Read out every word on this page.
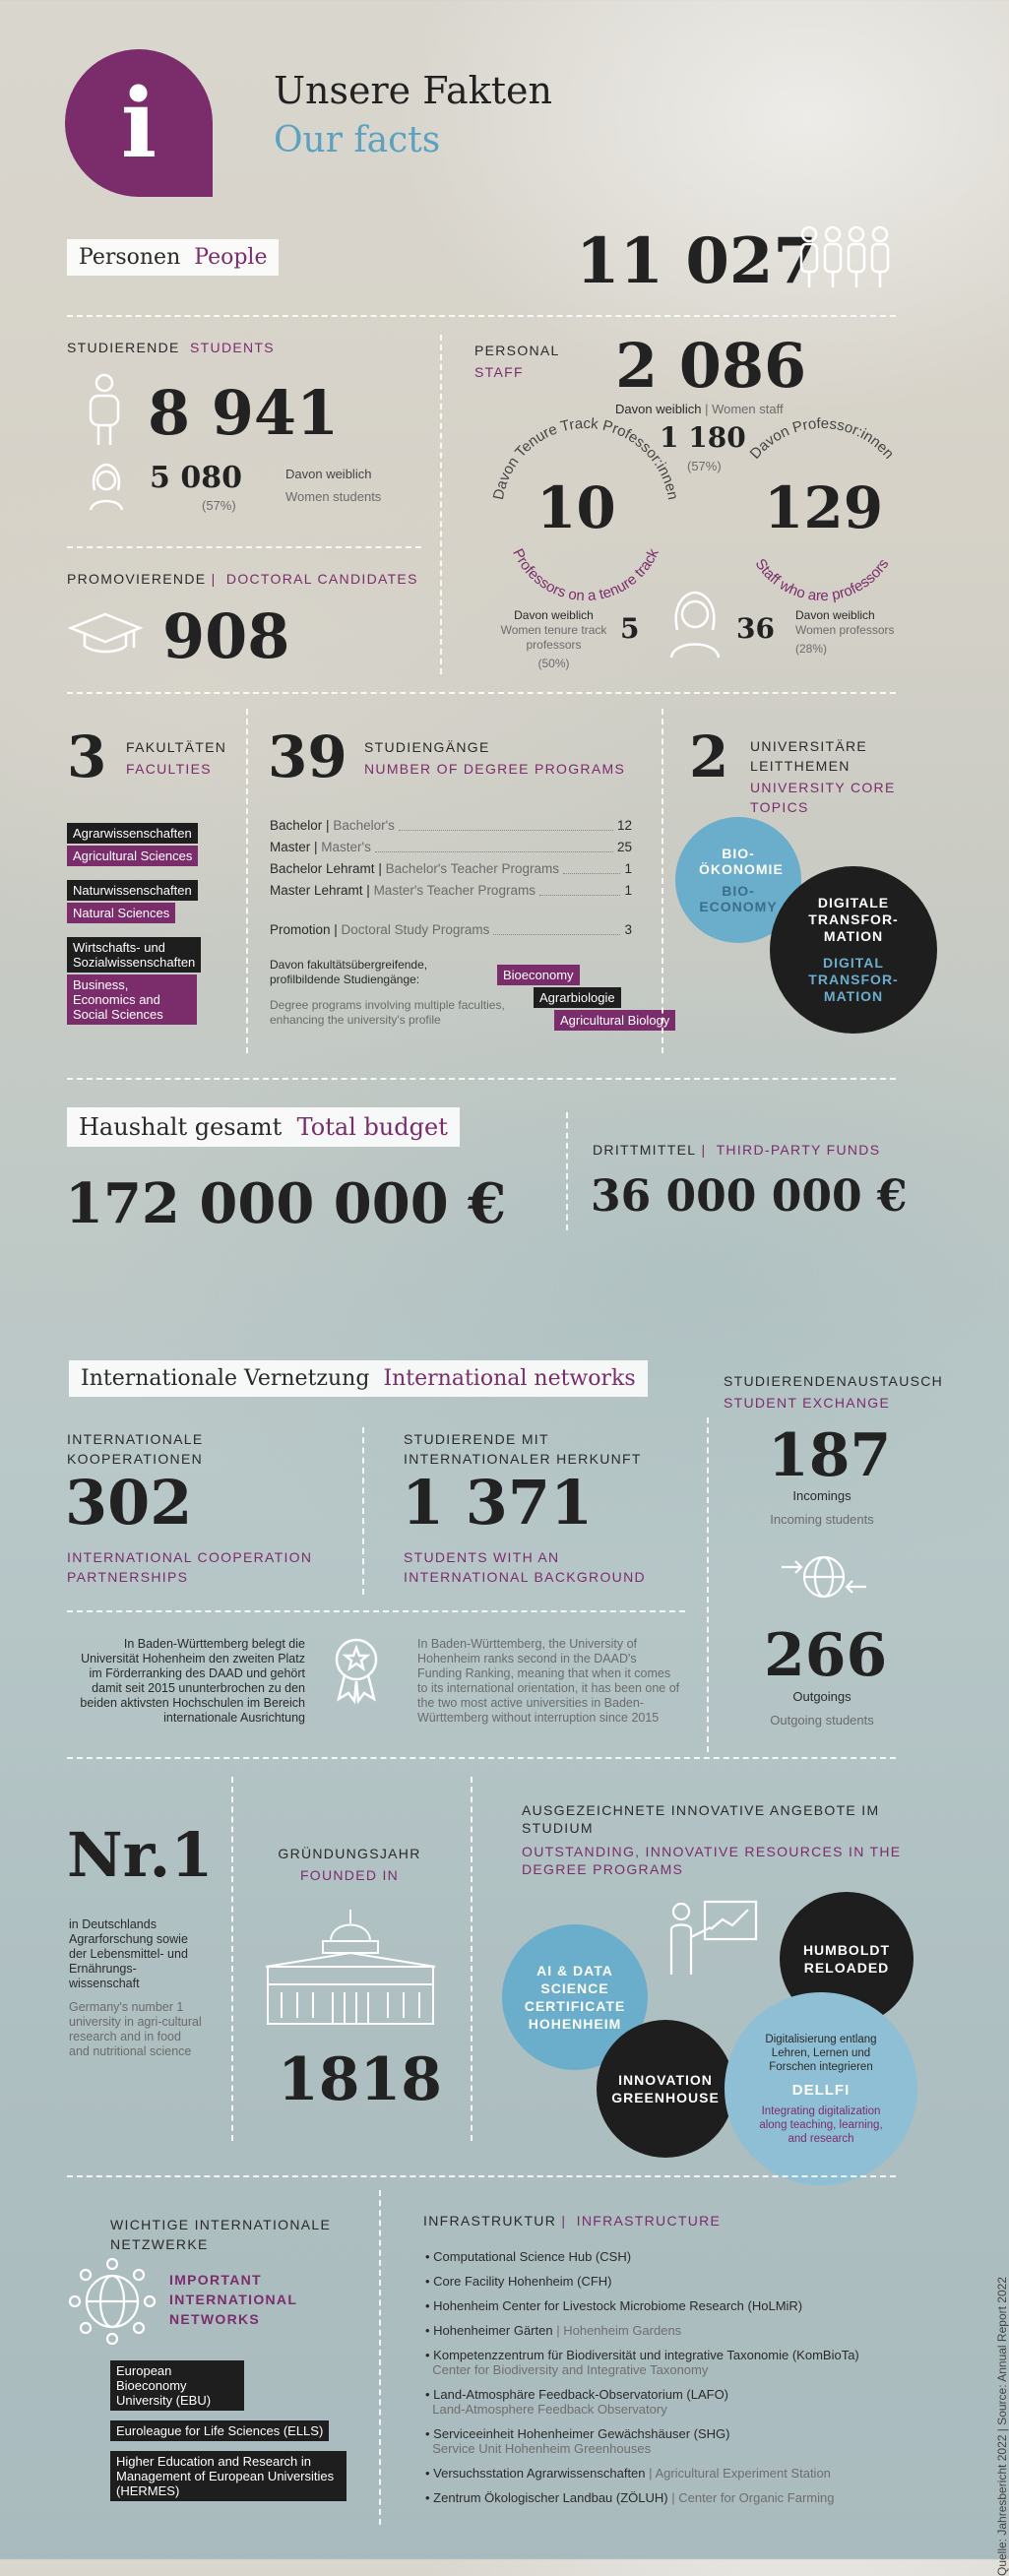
i	Unsere Fakten
Our facts
Personen People	11 027
STUDIERENDE STUDENTS
8 941
5 080
(57%)
Davon weiblich
Women students
PROMOVIERENDE | DOCTORAL CANDIDATES
908
PERSONAL
STAFF	2 086
Davon weiblich | Women staff
1 180
(57%)
Davon Tenure Track Professor:innen
Professors on a tenure track
10
Davon Professor:innen
Staff who are professors
129
Davon weiblich
Women tenure track professors
(50%)
5	36 Davon weiblich
Women professors
(28%)
3 FAKULTÄTEN
FACULTIES
Agrarwissenschaften
Agricultural Sciences
Naturwissenschaften
Natural Sciences
Wirtschafts- und Sozialwissenschaften
Business, Economics and Social Sciences
39 STUDIENGÄNGE
NUMBER OF DEGREE PROGRAMS
Bachelor | Bachelor's	12
Master | Master's	25
Bachelor Lehramt | Bachelor's Teacher Programs	1
Master Lehramt | Master's Teacher Programs	1
Promotion | Doctoral Study Programs	3
Davon fakultätsübergreifende, profilbildende Studiengänge:
Degree programs involving multiple faculties, enhancing the university's profile
Bioeconomy
Agrarbiologie
Agricultural Biology
2 UNIVERSITÄRE LEITTHEMEN
UNIVERSITY CORE TOPICS
BIO-ÖKONOMIE
BIO-ECONOMY	DIGITALE TRANSFOR-MATION
DIGITAL TRANSFOR-MATION
Haushalt gesamt Total budget
172 000 000 €
DRITTMITTEL | THIRD-PARTY FUNDS
36 000 000 €
Internationale Vernetzung International networks
INTERNATIONALE KOOPERATIONEN
302
INTERNATIONAL COOPERATION PARTNERSHIPS
STUDIERENDE MIT INTERNATIONALER HERKUNFT
1 371
STUDENTS WITH AN INTERNATIONAL BACKGROUND
In Baden-Württemberg belegt die Universität Hohenheim den zweiten Platz im Förderranking des DAAD und gehört damit seit 2015 ununterbrochen zu den beiden aktivsten Hochschulen im Bereich internationale Ausrichtung
In Baden-Württemberg, the University of Hohenheim ranks second in the DAAD's Funding Ranking, meaning that when it comes to its international orientation, it has been one of the two most active universities in Baden-Württemberg without interruption since 2015
STUDIERENDENAUSTAUSCH
STUDENT EXCHANGE
187
Incomings
Incoming students
266
Outgoings
Outgoing students
Nr.1
in Deutschlands Agrarforschung sowie der Lebensmittel- und Ernährungs-wissenschaft
Germany's number 1 university in agri-cultural research and in food and nutritional science
GRÜNDUNGSJAHR
FOUNDED IN
1818
AUSGEZEICHNETE INNOVATIVE ANGEBOTE IM STUDIUM
OUTSTANDING, INNOVATIVE RESOURCES IN THE DEGREE PROGRAMS
AI & DATA SCIENCE CERTIFICATE HOHENHEIM
HUMBOLDT RELOADED
INNOVATION GREENHOUSE
Digitalisierung entlang Lehren, Lernen und Forschen integrieren
DELLFI
Integrating digitalization along teaching, learning, and research
WICHTIGE INTERNATIONALE NETZWERKE
IMPORTANT INTERNATIONAL NETWORKS
European Bioeconomy University (EBU)
Euroleague for Life Sciences (ELLS)
Higher Education and Research in Management of European Universities (HERMES)
INFRASTRUKTUR | INFRASTRUCTURE
• Computational Science Hub (CSH)
• Core Facility Hohenheim (CFH)
• Hohenheim Center for Livestock Microbiome Research (HoLMiR)
• Hohenheimer Gärten | Hohenheim Gardens
• Kompetenzzentrum für Biodiversität und integrative Taxonomie (KomBioTa)
Center for Biodiversity and Integrative Taxonomy
• Land-Atmosphäre Feedback-Observatorium (LAFO)
Land-Atmosphere Feedback Observatory
• Serviceeinheit Hohenheimer Gewächshäuser (SHG)
Service Unit Hohenheim Greenhouses
• Versuchsstation Agrarwissenschaften | Agricultural Experiment Station
• Zentrum Ökologischer Landbau (ZÖLUH) | Center for Organic Farming	Quelle: Jahresbericht 2022 | Source: Annual Report 2022
